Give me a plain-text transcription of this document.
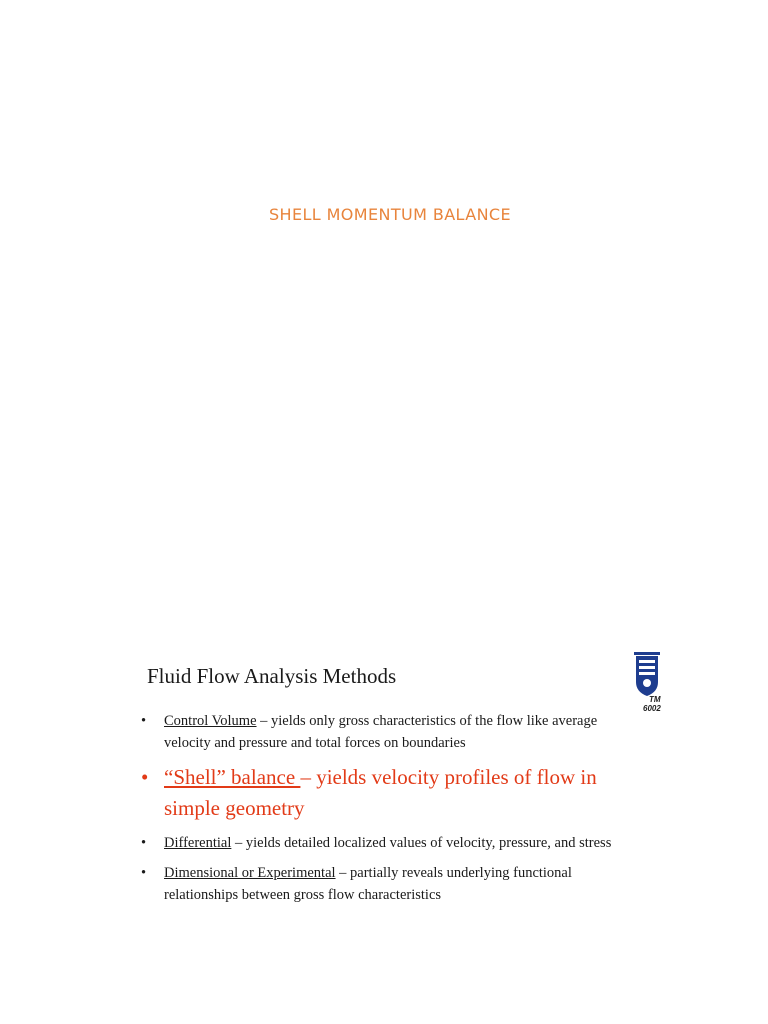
SHELL MOMENTUM BALANCE
Fluid Flow Analysis Methods
TM
6002
• Control Volume – yields only gross characteristics of the flow like average velocity and pressure and total forces on boundaries
• “Shell” balance – yields velocity profiles of flow in simple geometry
• Differential – yields detailed localized values of velocity, pressure, and stress
• Dimensional or Experimental – partially reveals underlying functional relationships between gross flow characteristics
